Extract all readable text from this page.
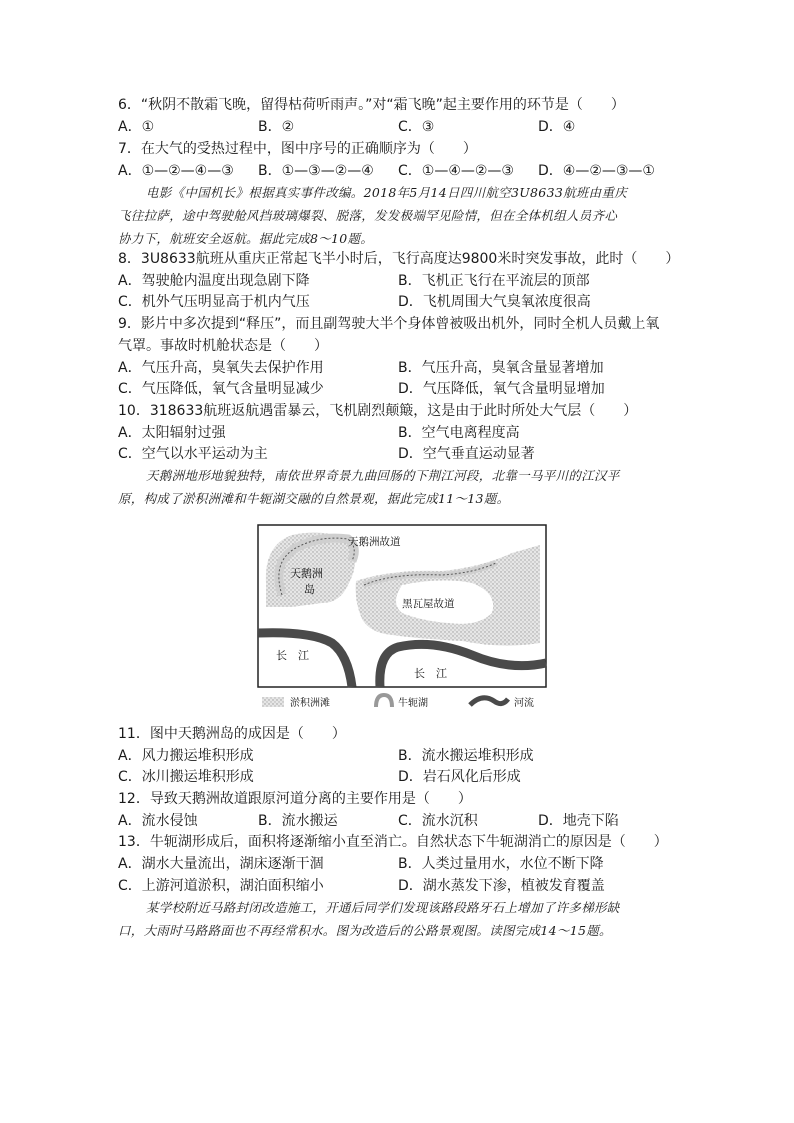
6．“秋阴不散霜飞晚，留得枯荷听雨声。”对“霜飞晚”起主要作用的环节是（　　）
A．①	B．②	C．③	D．④
7．在大气的受热过程中，图中序号的正确顺序为（　　）
A．①—②—④—③ B．①—③—②—④ C．①—④—②—③ D．④—②—③—①
电影《中国机长》根据真实事件改编。2018年5月14日四川航空3U8633航班由重庆
飞往拉萨，途中驾驶舱风挡玻璃爆裂、脱落，发发极端罕见险情，但在全体机组人员齐心
协力下，航班安全返航。据此完成8～10题。
8．3U8633航班从重庆正常起飞半小时后，飞行高度达9800米时突发事故，此时（　　）
A．驾驶舱内温度出现急剧下降	B．飞机正飞行在平流层的顶部
C．机外气压明显高于机内气压	D．飞机周围大气臭氧浓度很高
9．影片中多次提到“释压”，而且副驾驶大半个身体曾被吸出机外，同时全机人员戴上氧
气罩。事故时机舱状态是（　　）
A．气压升高，臭氧失去保护作用	B．气压升高，臭氧含量显著增加
C．气压降低，氧气含量明显减少	D．气压降低，氧气含量明显增加
10．318633航班返航遇雷暴云，飞机剧烈颠簸，这是由于此时所处大气层（　　）
A．太阳辐射过强	B．空气电离程度高
C．空气以水平运动为主	D．空气垂直运动显著
天鹅洲地形地貌独特，南依世界奇景九曲回肠的下荆江河段，北靠一马平川的江汉平
原，构成了淤积洲滩和牛轭湖交融的自然景观，据此完成11～13题。
天鹅洲故道
天鹅洲
岛
黑瓦屋故道
长　江
长　江
淤积洲滩	牛轭湖	河流
11．图中天鹅洲岛的成因是（　　）
A．风力搬运堆积形成	B．流水搬运堆积形成
C．冰川搬运堆积形成	D．岩石风化后形成
12．导致天鹅洲故道跟原河道分离的主要作用是（　　）
A．流水侵蚀	B．流水搬运	C．流水沉积	D．地壳下陷
13．牛轭湖形成后，面积将逐渐缩小直至消亡。自然状态下牛轭湖消亡的原因是（　　）
A．湖水大量流出，湖床逐渐干涸	B．人类过量用水，水位不断下降
C．上游河道淤积，湖泊面积缩小	D．湖水蒸发下渗，植被发育覆盖
某学校附近马路封闭改造施工，开通后同学们发现该路段路牙石上增加了许多梯形缺
口，大雨时马路路面也不再经常积水。图为改造后的公路景观图。读图完成14～15题。
